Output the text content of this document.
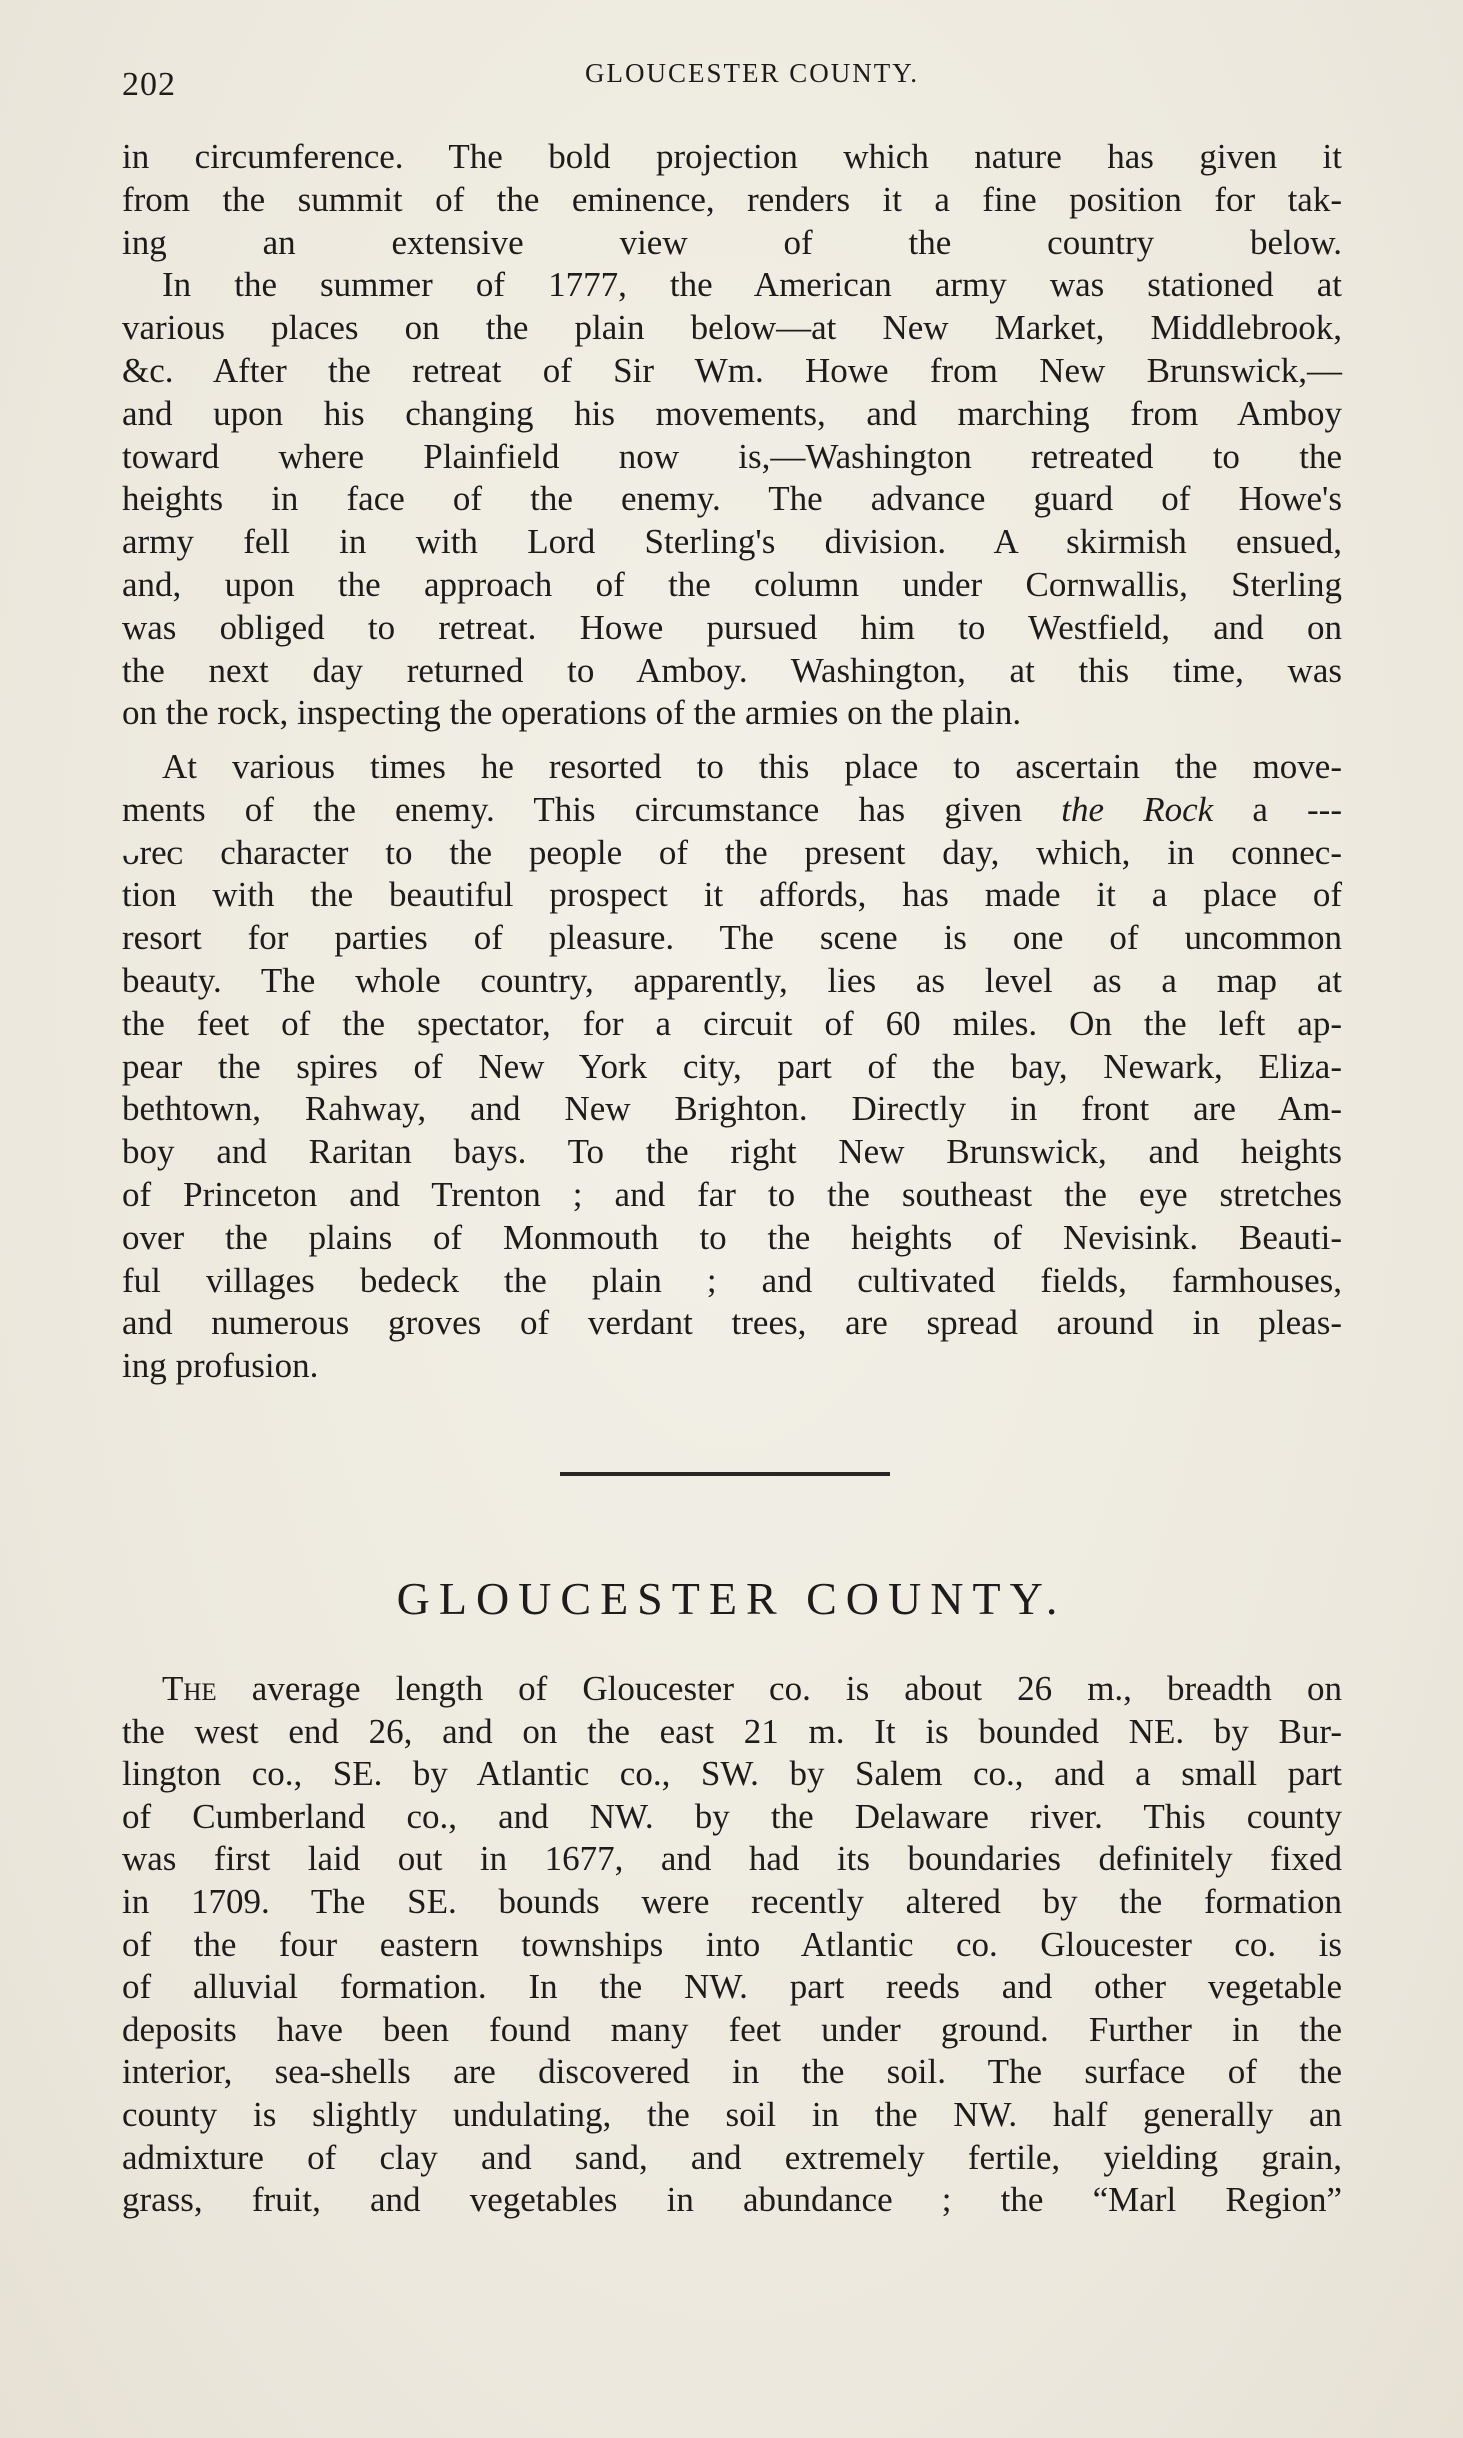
202	GLOUCESTER COUNTY.
in circumference. The bold projection which nature has given it
from the summit of the eminence, renders it a fine position for tak-
ing an extensive view of the country below.
In the summer of 1777, the American army was stationed at
various places on the plain below—at New Market, Middlebrook,
&c. After the retreat of Sir Wm. Howe from New Brunswick,—
and upon his changing his movements, and marching from Amboy
toward where Plainfield now is,—Washington retreated to the
heights in face of the enemy. The advance guard of Howe's
army fell in with Lord Sterling's division. A skirmish ensued,
and, upon the approach of the column under Cornwallis, Sterling
was obliged to retreat. Howe pursued him to Westfield, and on
the next day returned to Amboy. Washington, at this time, was
on the rock, inspecting the operations of the armies on the plain.
At various times he resorted to this place to ascertain the move-
ments of the enemy. This circumstance has given the Rock a ---
ᴗreᴄ character to the people of the present day, which, in connec-
tion with the beautiful prospect it affords, has made it a place of
resort for parties of pleasure. The scene is one of uncommon
beauty. The whole country, apparently, lies as level as a map at
the feet of the spectator, for a circuit of 60 miles. On the left ap-
pear the spires of New York city, part of the bay, Newark, Eliza-
bethtown, Rahway, and New Brighton. Directly in front are Am-
boy and Raritan bays. To the right New Brunswick, and heights
of Princeton and Trenton ; and far to the southeast the eye stretches
over the plains of Monmouth to the heights of Nevisink. Beauti-
ful villages bedeck the plain ; and cultivated fields, farmhouses,
and numerous groves of verdant trees, are spread around in pleas-
ing profusion.
GLOUCESTER COUNTY.
The average length of Gloucester co. is about 26 m., breadth on
the west end 26, and on the east 21 m. It is bounded NE. by Bur-
lington co., SE. by Atlantic co., SW. by Salem co., and a small part
of Cumberland co., and NW. by the Delaware river. This county
was first laid out in 1677, and had its boundaries definitely fixed
in 1709. The SE. bounds were recently altered by the formation
of the four eastern townships into Atlantic co. Gloucester co. is
of alluvial formation. In the NW. part reeds and other vegetable
deposits have been found many feet under ground. Further in the
interior, sea-shells are discovered in the soil. The surface of the
county is slightly undulating, the soil in the NW. half generally an
admixture of clay and sand, and extremely fertile, yielding grain,
grass, fruit, and vegetables in abundance ; the “Marl Region”
